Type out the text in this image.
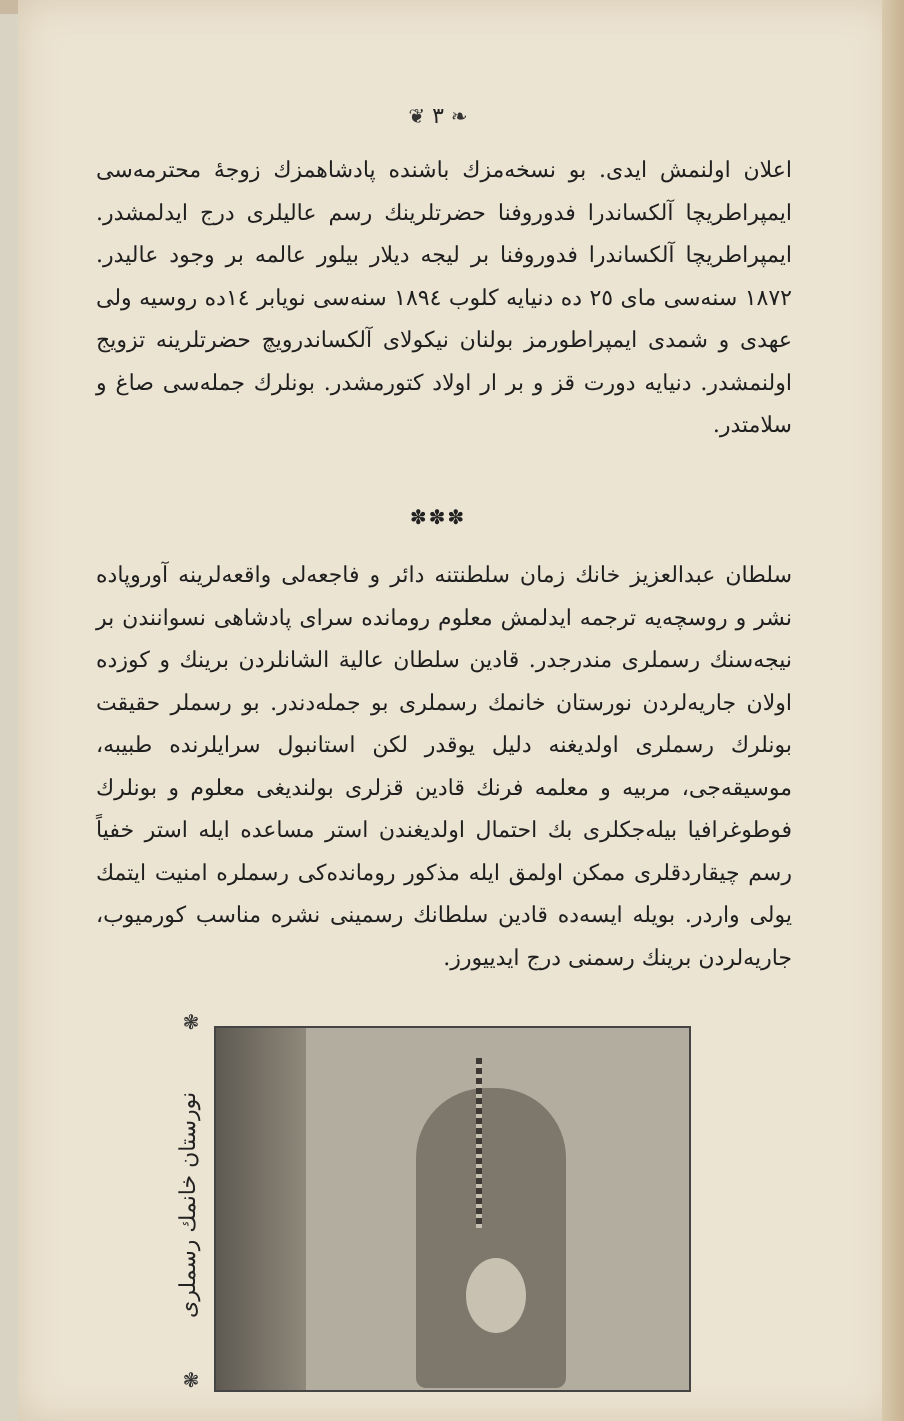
❦ ٣ ❧
اعلان اولنمش ایدی. بو نسخه‌مزك باشنده پادشاهمزك زوجۀ محترمه‌سی ایمپراطریچا آلکساندرا فدوروفنا حضرتلرینك رسم عالیلری درج ایدلمشدر. ایمپراطریچا آلکساندرا فدوروفنا بر لیجه دیلار بیلور عالمه بر وجود عالیدر. ١٨٧٢ سنه‌سی مای ٢٥ ده دنیایه کلوب ١٨٩٤ سنه‌سی نویابر ١٤ده روسیه ولی عهدی و شمدی ایمپراطورمز بولنان نیکولای آلکساندرویچ حضرتلرینه تزویج اولنمشدر. دنیایه دورت قز و بر ار اولاد کتورمشدر. بونلرك جمله‌سی صاغ و سلامتدر.
✽✽✽
سلطان عبدالعزیز خانك زمان سلطنتنه دائر و فاجعه‌لی واقعه‌لرینه آوروپاده نشر و روسچه‌یه ترجمه ایدلمش معلوم رومانده سرای پادشاهی نسوانندن بر نیجه‌سنك رسملری مندرجدر. قادین سلطان عالیة الشانلردن برینك و کوزده اولان جاریه‌لردن نورستان خانمك رسملری بو جمله‌دندر. بو رسملر حقیقت بونلرك رسملری اولدیغنه دلیل یوقدر لکن استانبول سرایلرنده طبیبه، موسیقه‌جی، مربیه و معلمه فرنك قادین قزلری بولندیغی معلوم و بونلرك فوطوغرافیا بیله‌جکلری بك احتمال اولدیغندن استر مساعده ایله استر خفیاً رسم چیقاردقلری ممکن اولمق ایله مذکور رومانده‌کی رسملره امنیت ایتمك یولی واردر. بویله ایسه‌ده قادین سلطانك رسمینی نشره مناسب کورمیوب، جاریه‌لردن برینك رسمنی درج ایدییورز.
❃
نورستان خانمك رسملری
❃
